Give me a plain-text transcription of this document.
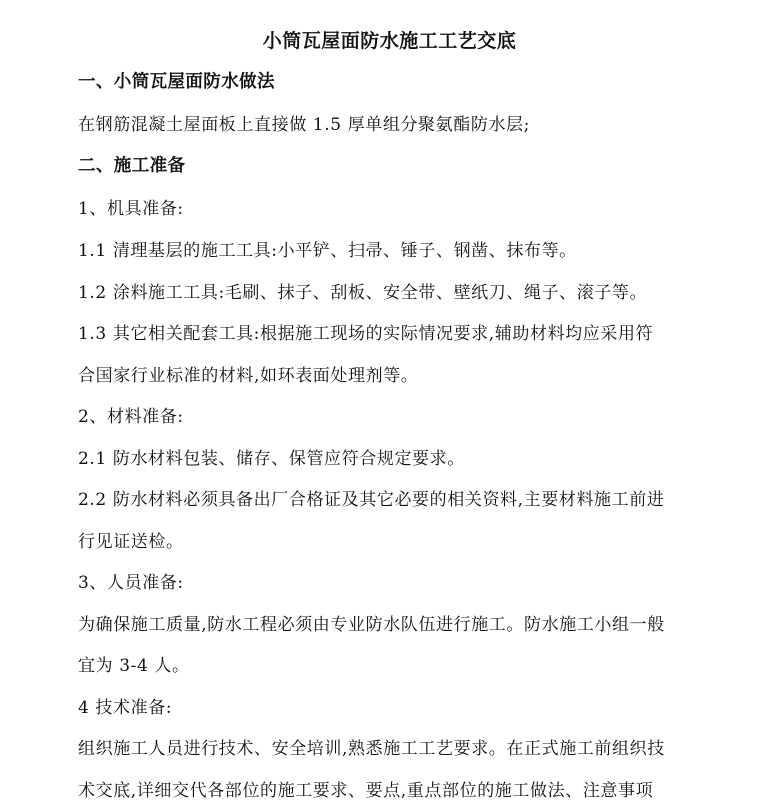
小筒瓦屋面防水施工工艺交底
一、小筒瓦屋面防水做法
在钢筋混凝土屋面板上直接做 1.5 厚单组分聚氨酯防水层;
二、施工准备
1、机具准备:
1.1 清理基层的施工工具:小平铲、扫帚、锤子、钢凿、抹布等。
1.2 涂料施工工具:毛刷、抹子、刮板、安全带、壁纸刀、绳子、滚子等。
1.3 其它相关配套工具:根据施工现场的实际情况要求,辅助材料均应采用符
合国家行业标准的材料,如环表面处理剂等。
2、材料准备:
2.1 防水材料包装、储存、保管应符合规定要求。
2.2 防水材料必须具备出厂合格证及其它必要的相关资料,主要材料施工前进
行见证送检。
3、人员准备:
为确保施工质量,防水工程必须由专业防水队伍进行施工。防水施工小组一般
宜为 3-4 人。
4 技术准备:
组织施工人员进行技术、安全培训,熟悉施工工艺要求。在正式施工前组织技
术交底,详细交代各部位的施工要求、要点,重点部位的施工做法、注意事项
